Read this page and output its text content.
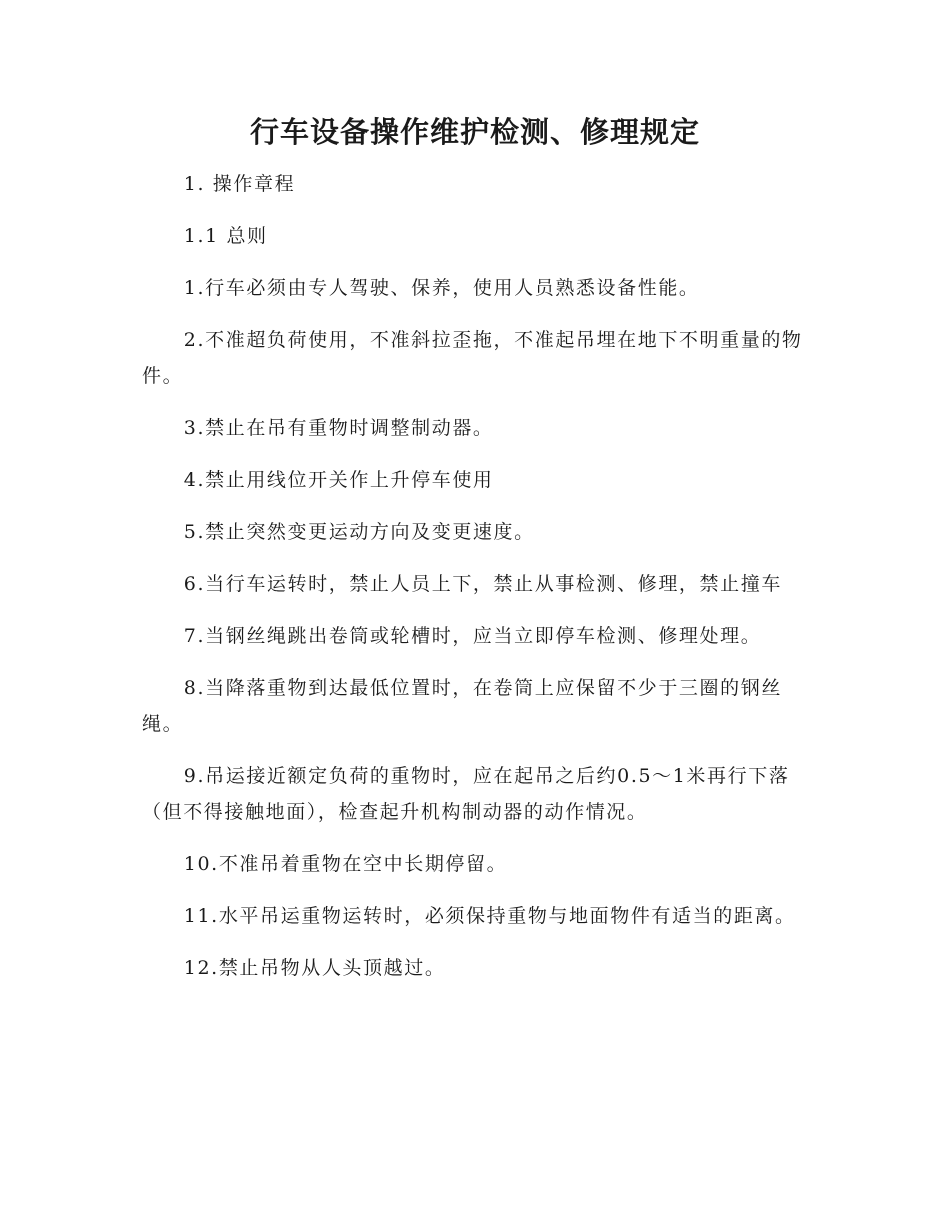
行车设备操作维护检测、修理规定

1. 操作章程

1.1 总则

1.行车必须由专人驾驶、保养，使用人员熟悉设备性能。

2.不准超负荷使用，不准斜拉歪拖，不准起吊埋在地下不明重量的物件。

3.禁止在吊有重物时调整制动器。

4.禁止用线位开关作上升停车使用

5.禁止突然变更运动方向及变更速度。

6.当行车运转时，禁止人员上下，禁止从事检测、修理，禁止撞车

7.当钢丝绳跳出卷筒或轮槽时，应当立即停车检测、修理处理。

8.当降落重物到达最低位置时，在卷筒上应保留不少于三圈的钢丝绳。

9.吊运接近额定负荷的重物时，应在起吊之后约0.5～1米再行下落（但不得接触地面），检查起升机构制动器的动作情况。

10.不准吊着重物在空中长期停留。

11.水平吊运重物运转时，必须保持重物与地面物件有适当的距离。

12.禁止吊物从人头顶越过。
